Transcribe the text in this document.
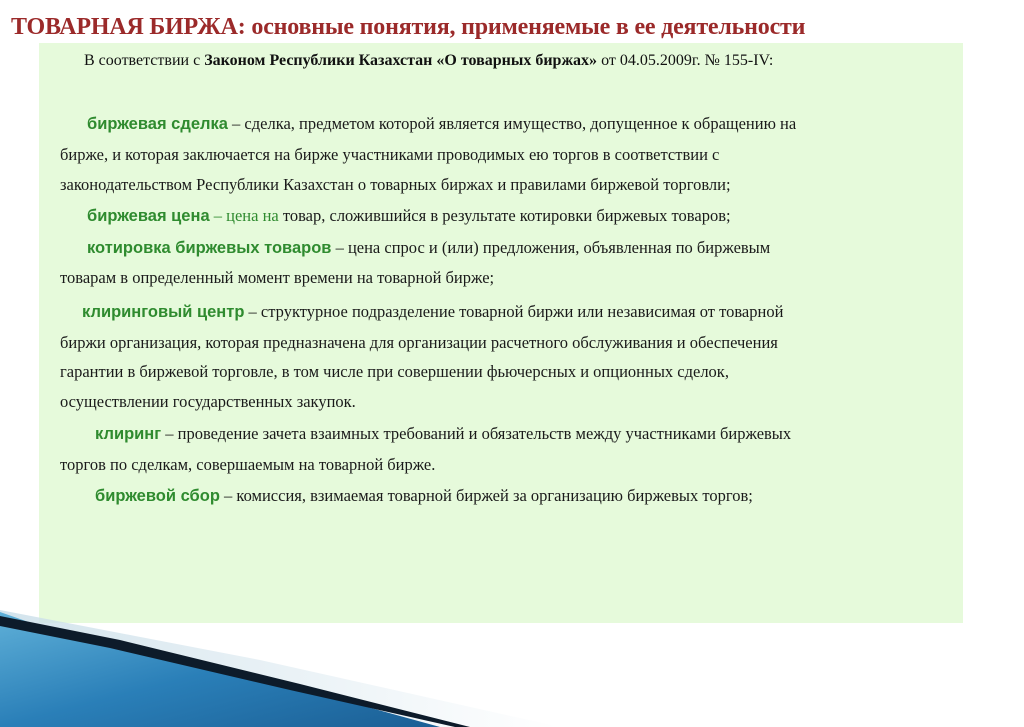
ТОВАРНАЯ БИРЖА: основные понятия, применяемые в ее деятельности
В соответствии с Законом Республики Казахстан «О товарных биржах» от 04.05.2009г. № 155-IV:
биржевая сделка – сделка, предметом которой является имущество, допущенное к обращению на
бирже, и которая заключается на бирже участниками проводимых ею торгов в соответствии с
законодательством Республики Казахстан о товарных биржах и правилами биржевой торговли;
биржевая цена – цена на товар, сложившийся в результате котировки биржевых товаров;
котировка биржевых товаров – цена спрос и (или) предложения, объявленная по биржевым
товарам в определенный момент времени на товарной бирже;
клиринговый центр – структурное подразделение товарной биржи или независимая от товарной
биржи организация, которая предназначена для организации расчетного обслуживания и обеспечения
гарантии в биржевой торговле, в том числе при совершении фьючерсных и опционных сделок,
осуществлении государственных закупок.
клиринг – проведение зачета взаимных требований и обязательств между участниками биржевых
торгов по сделкам, совершаемым на товарной бирже.
биржевой сбор – комиссия, взимаемая товарной биржей за организацию биржевых торгов;
